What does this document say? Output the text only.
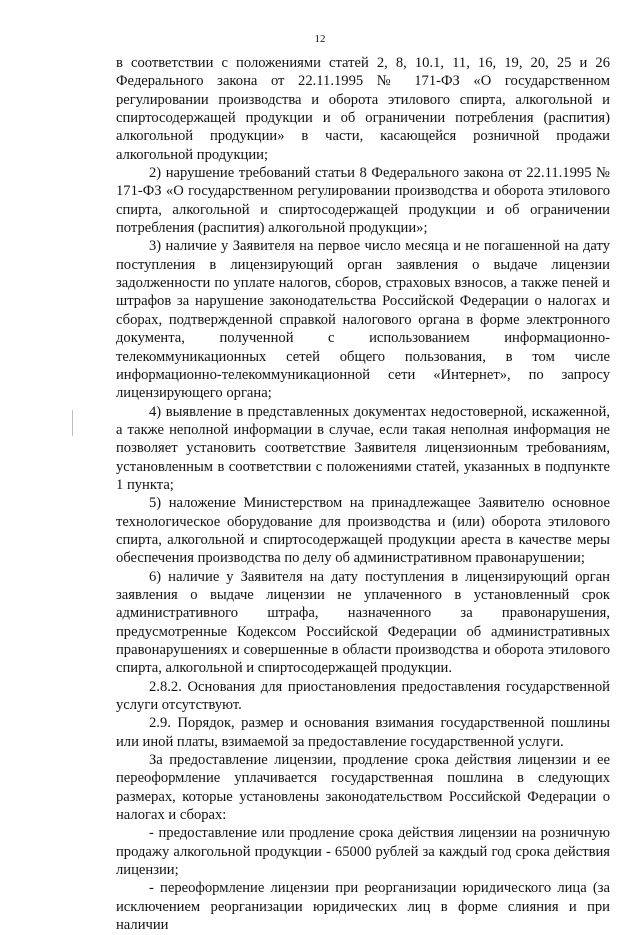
12

в соответствии с положениями статей 2, 8, 10.1, 11, 16, 19, 20, 25 и 26 Федерального закона от 22.11.1995 № 171-ФЗ «О государственном регулировании производства и оборота этилового спирта, алкогольной и спиртосодержащей продукции и об ограничении потребления (распития) алкогольной продукции» в части, касающейся розничной продажи алкогольной продукции;

2) нарушение требований статьи 8 Федерального закона от 22.11.1995 № 171-ФЗ «О государственном регулировании производства и оборота этилового спирта, алкогольной и спиртосодержащей продукции и об ограничении потребления (распития) алкогольной продукции»;

3) наличие у Заявителя на первое число месяца и не погашенной на дату поступления в лицензирующий орган заявления о выдаче лицензии задолженности по уплате налогов, сборов, страховых взносов, а также пеней и штрафов за нарушение законодательства Российской Федерации о налогах и сборах, подтвержденной справкой налогового органа в форме электронного документа, полученной с использованием информационно-телекоммуникационных сетей общего пользования, в том числе информационно-телекоммуникационной сети «Интернет», по запросу лицензирующего органа;

4) выявление в представленных документах недостоверной, искаженной, а также неполной информации в случае, если такая неполная информация не позволяет установить соответствие Заявителя лицензионным требованиям, установленным в соответствии с положениями статей, указанных в подпункте 1 пункта;

5) наложение Министерством на принадлежащее Заявителю основное технологическое оборудование для производства и (или) оборота этилового спирта, алкогольной и спиртосодержащей продукции ареста в качестве меры обеспечения производства по делу об административном правонарушении;

6) наличие у Заявителя на дату поступления в лицензирующий орган заявления о выдаче лицензии не уплаченного в установленный срок административного штрафа, назначенного за правонарушения, предусмотренные Кодексом Российской Федерации об административных правонарушениях и совершенные в области производства и оборота этилового спирта, алкогольной и спиртосодержащей продукции.

2.8.2. Основания для приостановления предоставления государственной услуги отсутствуют.

2.9. Порядок, размер и основания взимания государственной пошлины или иной платы, взимаемой за предоставление государственной услуги.

За предоставление лицензии, продление срока действия лицензии и ее переоформление уплачивается государственная пошлина в следующих размерах, которые установлены законодательством Российской Федерации о налогах и сборах:

- предоставление или продление срока действия лицензии на розничную продажу алкогольной продукции - 65000 рублей за каждый год срока действия лицензии;

- переоформление лицензии при реорганизации юридического лица (за исключением реорганизации юридических лиц в форме слияния и при наличии
